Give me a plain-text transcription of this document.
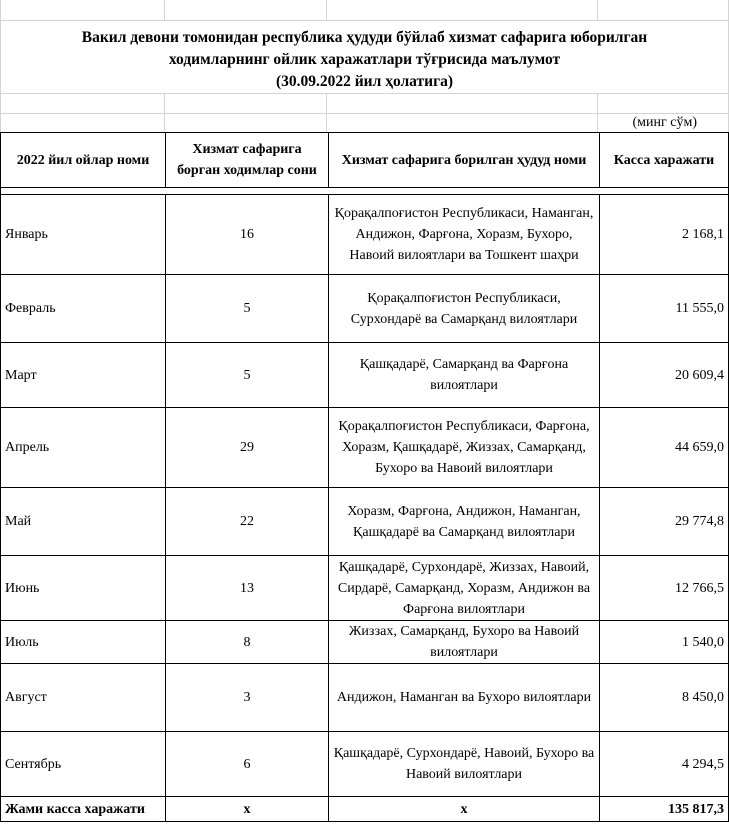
Вакил девони томонидан республика ҳудуди бўйлаб хизмат сафарига юборилган
ходимларнинг ойлик харажатлари тўғрисида маълумот
(30.09.2022 йил ҳолатига)
(минг сўм)
2022 йил ойлар номи	Хизмат сафарига борган ходимлар сони	Хизмат сафарига борилган ҳудуд номи	Касса харажати

Январь	16	Қорақалпоғистон Республикаси, Наманган, Андижон, Фарғона, Хоразм, Бухоро, Навоий вилоятлари ва Тошкент шаҳри	2 168,1
Февраль	5	Қорақалпоғистон Республикаси, Сурхондарё ва Самарқанд вилоятлари	11 555,0
Март	5	Қашқадарё, Самарқанд ва Фарғона вилоятлари	20 609,4
Апрель	29	Қорақалпоғистон Республикаси, Фарғона, Хоразм, Қашқадарё, Жиззах, Самарқанд, Бухоро ва Навоий вилоятлари	44 659,0
Май	22	Хоразм, Фарғона, Андижон, Наманган, Қашқадарё ва Самарқанд вилоятлари	29 774,8
Июнь	13	Қашқадарё, Сурхондарё, Жиззах, Навоий, Сирдарё, Самарқанд, Хоразм, Андижон ва Фарғона вилоятлари	12 766,5
Июль	8	Жиззах, Самарқанд, Бухоро ва Навоий вилоятлари	1 540,0
Август	3	Андижон, Наманган ва Бухоро вилоятлари	8 450,0
Сентябрь	6	Қашқадарё, Сурхондарё, Навоий, Бухоро ва Навоий вилоятлари	4 294,5
Жами касса харажати	x	x	135 817,3
